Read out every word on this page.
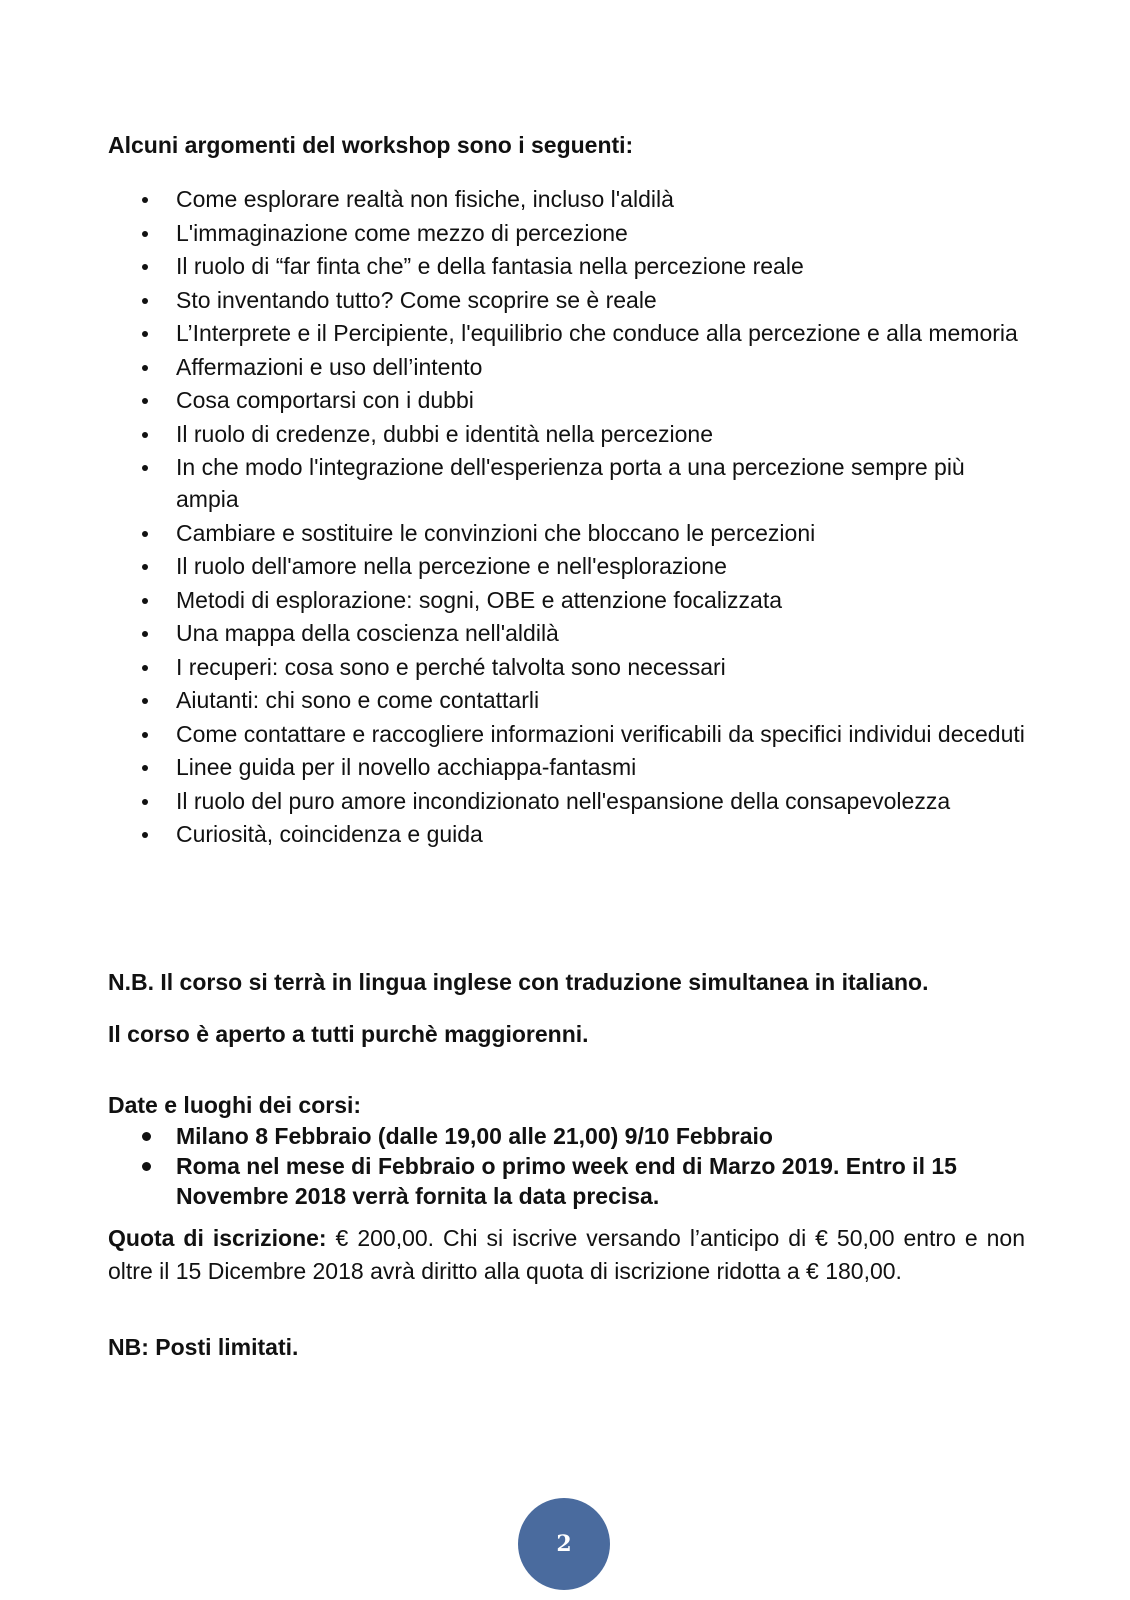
Alcuni argomenti del workshop sono i seguenti:

Come esplorare realtà non fisiche, incluso l'aldilà
L'immaginazione come mezzo di percezione
Il ruolo di “far finta che” e della fantasia nella percezione reale
Sto inventando tutto? Come scoprire se è reale
L’Interprete e il Percipiente, l'equilibrio che conduce alla percezione e alla memoria
Affermazioni e uso dell’intento
Cosa comportarsi con i dubbi
Il ruolo di credenze, dubbi e identità nella percezione
In che modo l'integrazione dell'esperienza porta a una percezione sempre più ampia
Cambiare e sostituire le convinzioni che bloccano le percezioni
Il ruolo dell'amore nella percezione e nell'esplorazione
Metodi di esplorazione: sogni, OBE e attenzione focalizzata
Una mappa della coscienza nell'aldilà
I recuperi: cosa sono e perché talvolta sono necessari
Aiutanti: chi sono e come contattarli
Come contattare e raccogliere informazioni verificabili da specifici individui deceduti
Linee guida per il novello acchiappa-fantasmi
Il ruolo del puro amore incondizionato nell'espansione della consapevolezza
Curiosità, coincidenza e guida

N.B. Il corso si terrà in lingua inglese con traduzione simultanea in italiano.

Il corso è aperto a tutti purchè maggiorenni.

Date e luoghi dei corsi:

Milano 8 Febbraio (dalle 19,00 alle 21,00) 9/10 Febbraio
Roma nel mese di Febbraio o primo week end di Marzo 2019. Entro il 15 Novembre 2018 verrà fornita la data precisa.

Quota di iscrizione: € 200,00. Chi si iscrive versando l’anticipo di € 50,00 entro e non oltre il 15 Dicembre 2018 avrà diritto alla quota di iscrizione ridotta a € 180,00.

NB: Posti limitati.

2
